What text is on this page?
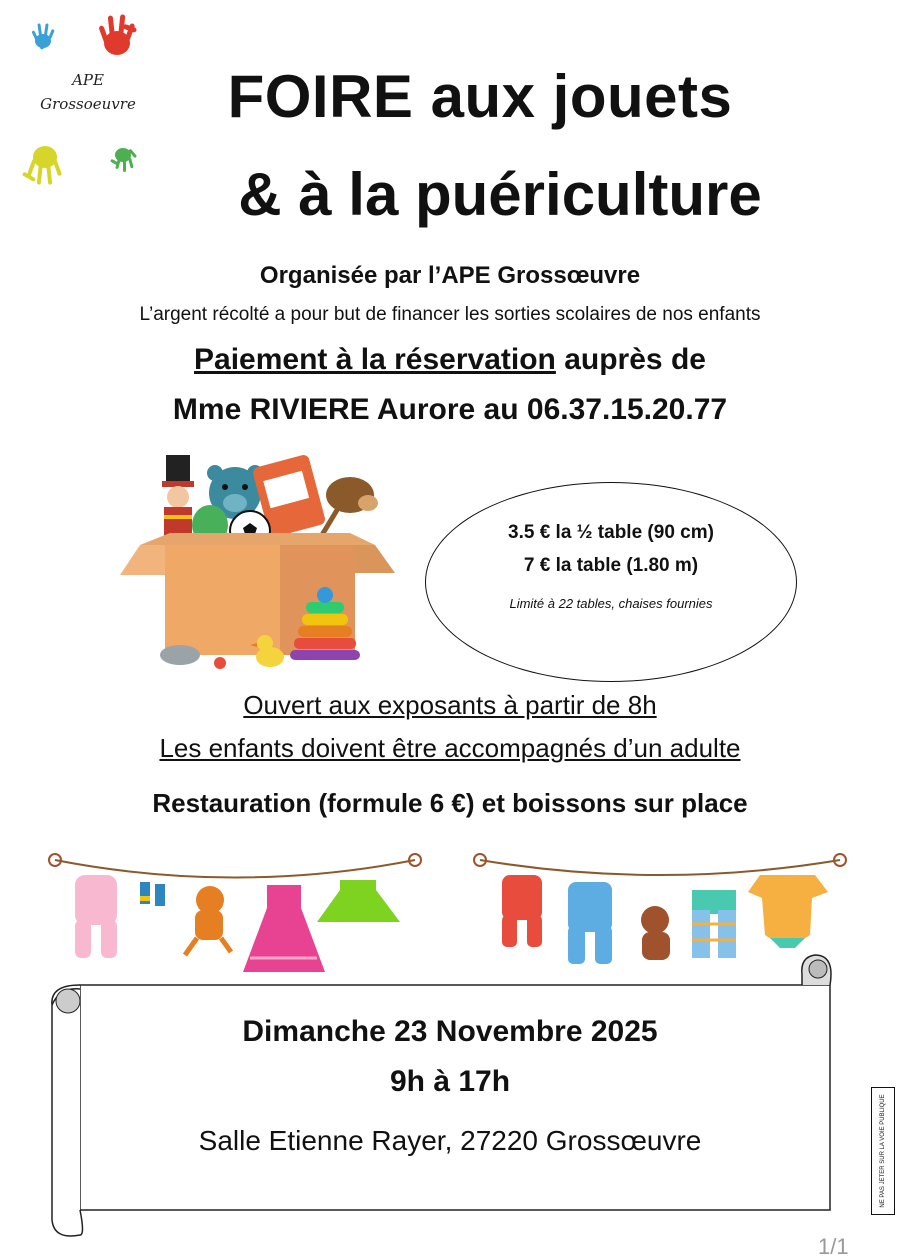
APE
Grossoeuvre	FOIRE aux jouets
& à la puériculture
Organisée par l’APE Grossœuvre
L’argent récolté a pour but de financer les sorties scolaires de nos enfants
Paiement à la réservation auprès de
Mme RIVIERE Aurore au 06.37.15.20.77
3.5 € la ½ table (90 cm)
7 € la table (1.80 m)
Limité à 22 tables, chaises fournies
Ouvert aux exposants à partir de 8h
Les enfants doivent être accompagnés d’un adulte
Restauration (formule 6 €) et boissons sur place
Dimanche 23 Novembre 2025
9h à 17h
Salle Etienne Rayer, 27220 Grossœuvre	NE PAS JETER SUR LA VOIE PUBLIQUE
1/1
